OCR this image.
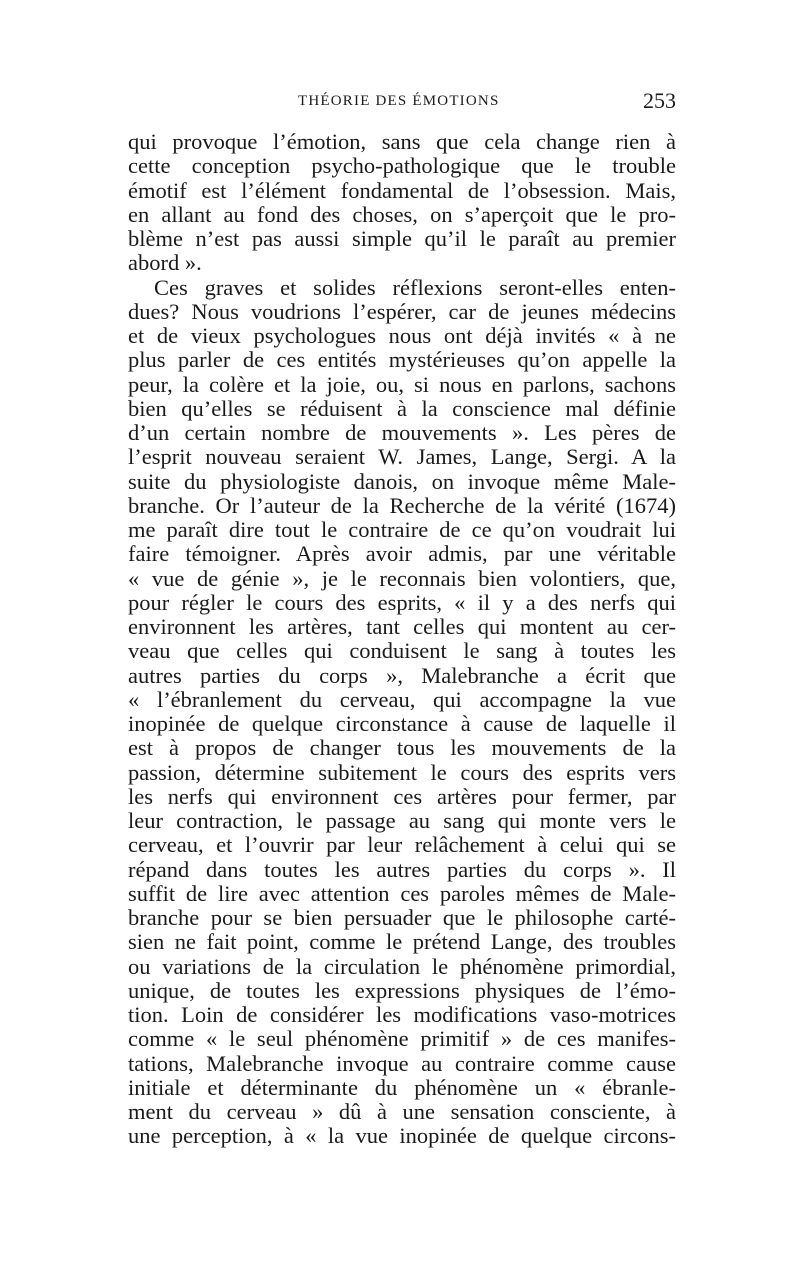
THÉORIE DES ÉMOTIONS	253
qui provoque l’émotion, sans que cela change rien à
cette conception psycho-pathologique que le trouble
émotif est l’élément fondamental de l’obsession. Mais,
en allant au fond des choses, on s’aperçoit que le pro-
blème n’est pas aussi simple qu’il le paraît au premier
abord ».
Ces graves et solides réflexions seront-elles enten-
dues? Nous voudrions l’espérer, car de jeunes médecins
et de vieux psychologues nous ont déjà invités « à ne
plus parler de ces entités mystérieuses qu’on appelle la
peur, la colère et la joie, ou, si nous en parlons, sachons
bien qu’elles se réduisent à la conscience mal définie
d’un certain nombre de mouvements ». Les pères de
l’esprit nouveau seraient W. James, Lange, Sergi. A la
suite du physiologiste danois, on invoque même Male-
branche. Or l’auteur de la Recherche de la vérité (1674)
me paraît dire tout le contraire de ce qu’on voudrait lui
faire témoigner. Après avoir admis, par une véritable
« vue de génie », je le reconnais bien volontiers, que,
pour régler le cours des esprits, « il y a des nerfs qui
environnent les artères, tant celles qui montent au cer-
veau que celles qui conduisent le sang à toutes les
autres parties du corps », Malebranche a écrit que
« l’ébranlement du cerveau, qui accompagne la vue
inopinée de quelque circonstance à cause de laquelle il
est à propos de changer tous les mouvements de la
passion, détermine subitement le cours des esprits vers
les nerfs qui environnent ces artères pour fermer, par
leur contraction, le passage au sang qui monte vers le
cerveau, et l’ouvrir par leur relâchement à celui qui se
répand dans toutes les autres parties du corps ». Il
suffit de lire avec attention ces paroles mêmes de Male-
branche pour se bien persuader que le philosophe carté-
sien ne fait point, comme le prétend Lange, des troubles
ou variations de la circulation le phénomène primordial,
unique, de toutes les expressions physiques de l’émo-
tion. Loin de considérer les modifications vaso-motrices
comme « le seul phénomène primitif » de ces manifes-
tations, Malebranche invoque au contraire comme cause
initiale et déterminante du phénomène un « ébranle-
ment du cerveau » dû à une sensation consciente, à
une perception, à « la vue inopinée de quelque circons-
